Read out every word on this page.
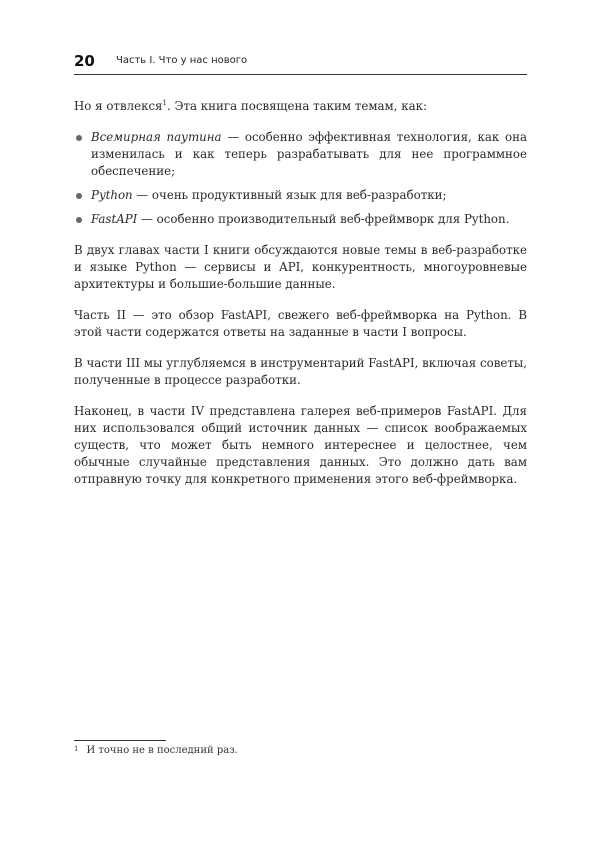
20 Часть I. Что у нас нового

Но я отвлекся$^1$. Эта книга посвящена таким темам, как:

Всемирная паутина — особенно эффективная технология, как она изменилась и как теперь разрабатывать для нее программное обеспечение;
Python — очень продуктивный язык для веб-разработки;
FastAPI — особенно производительный веб-фреймворк для Python.

В двух главах части I книги обсуждаются новые темы в веб-разработке и языке Python — сервисы и API, конкурентность, многоуровневые архитектуры и большие-большие данные.

Часть II — это обзор FastAPI, свежего веб-фреймворка на Python. В этой части содержатся ответы на заданные в части I вопросы.

В части III мы углубляемся в инструментарий FastAPI, включая советы, полученные в процессе разработки.

Наконец, в части IV представлена галерея веб-примеров FastAPI. Для них использовался общий источник данных — список воображаемых существ, что может быть немного интереснее и целостнее, чем обычные случайные представления данных. Это должно дать вам отправную точку для конкретного применения этого веб-фреймворка.

$^1$ И точно не в последний раз.
